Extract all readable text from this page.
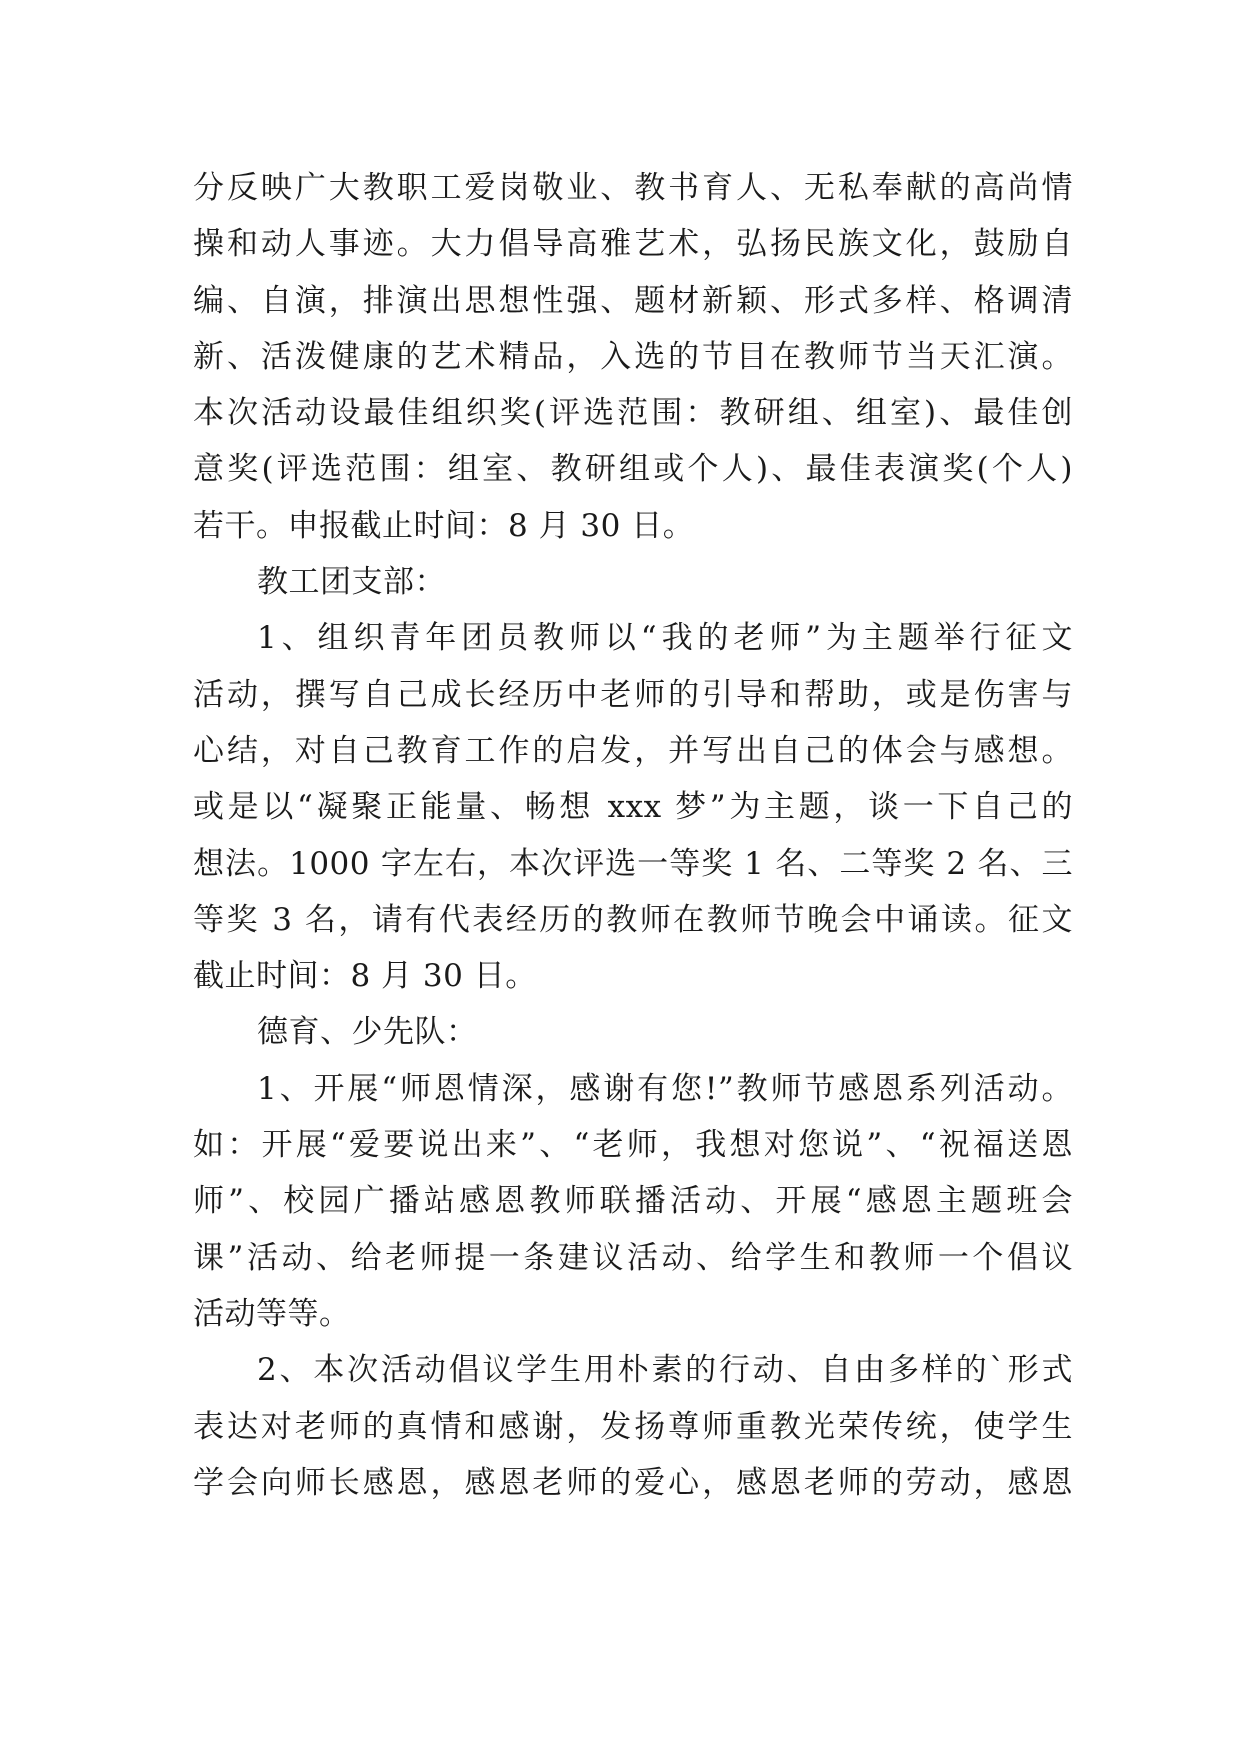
分反映广大教职工爱岗敬业、教书育人、无私奉献的高尚情
操和动人事迹。大力倡导高雅艺术，弘扬民族文化，鼓励自
编、自演，排演出思想性强、题材新颖、形式多样、格调清
新、活泼健康的艺术精品，入选的节目在教师节当天汇演。
本次活动设最佳组织奖(评选范围：教研组、组室)、最佳创
意奖(评选范围：组室、教研组或个人)、最佳表演奖(个人)
若干。申报截止时间：8 月 30 日。
教工团支部：
1、组织青年团员教师以“我的老师”为主题举行征文
活动，撰写自己成长经历中老师的引导和帮助，或是伤害与
心结，对自己教育工作的启发，并写出自己的体会与感想。
或是以“凝聚正能量、畅想 xxx 梦”为主题，谈一下自己的
想法。1000 字左右，本次评选一等奖 1 名、二等奖 2 名、三
等奖 3 名，请有代表经历的教师在教师节晚会中诵读。征文
截止时间：8 月 30 日。
德育、少先队：
1、开展“师恩情深，感谢有您!”教师节感恩系列活动。
如：开展“爱要说出来”、“老师，我想对您说”、“祝福送恩
师”、校园广播站感恩教师联播活动、开展“感恩主题班会
课”活动、给老师提一条建议活动、给学生和教师一个倡议
活动等等。
2、本次活动倡议学生用朴素的行动、自由多样的`形式
表达对老师的真情和感谢，发扬尊师重教光荣传统，使学生
学会向师长感恩，感恩老师的爱心，感恩老师的劳动，感恩
